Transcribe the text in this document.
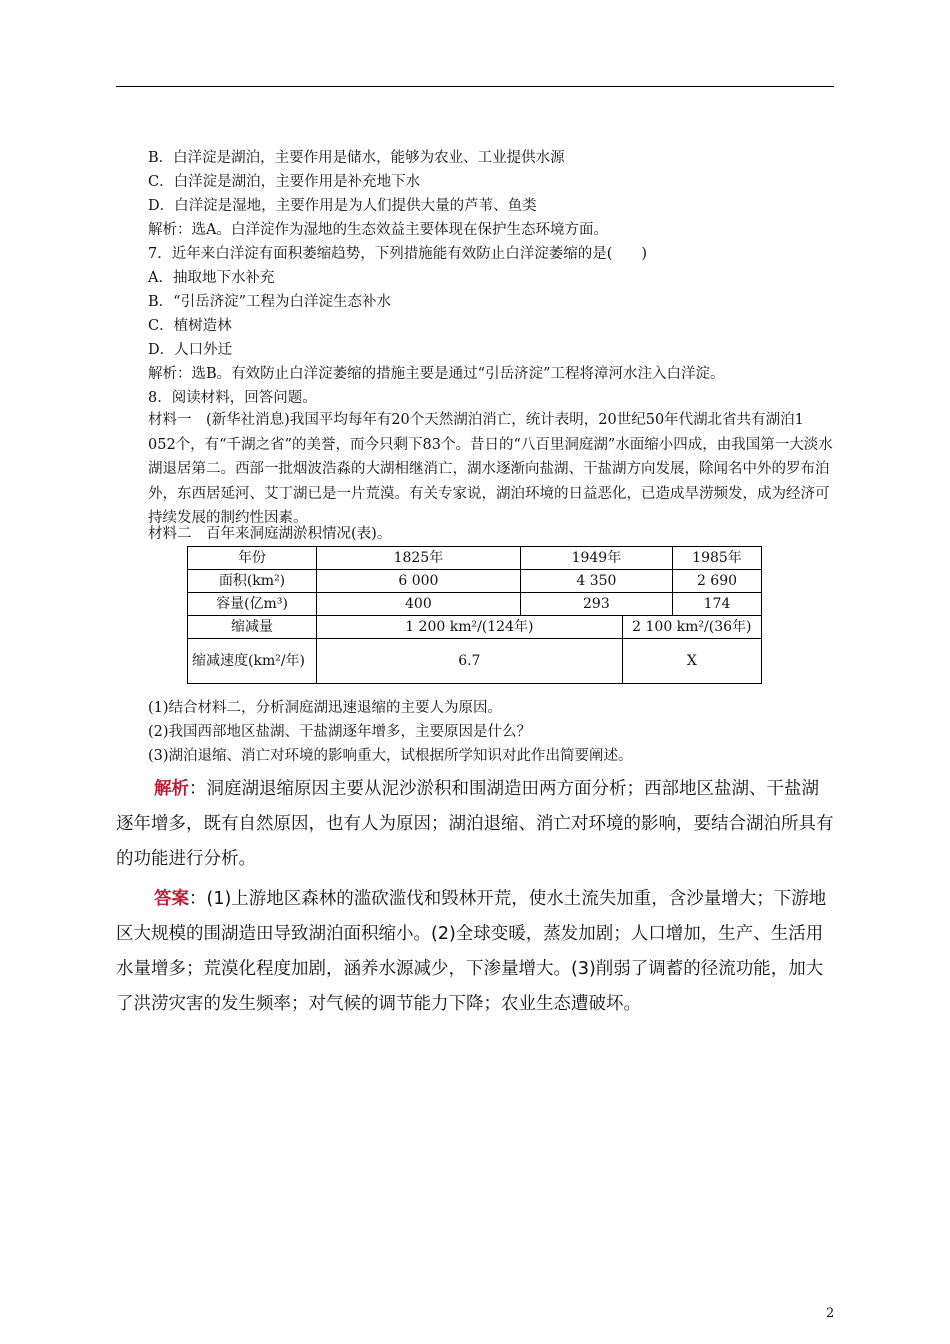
B．白洋淀是湖泊，主要作用是储水，能够为农业、工业提供水源
C．白洋淀是湖泊，主要作用是补充地下水
D．白洋淀是湿地，主要作用是为人们提供大量的芦苇、鱼类
解析：选A。白洋淀作为湿地的生态效益主要体现在保护生态环境方面。
7．近年来白洋淀有面积萎缩趋势，下列措施能有效防止白洋淀萎缩的是(　　)
A．抽取地下水补充
B．“引岳济淀”工程为白洋淀生态补水
C．植树造林
D．人口外迁
解析：选B。有效防止白洋淀萎缩的措施主要是通过“引岳济淀”工程将漳河水注入白洋淀。
8．阅读材料，回答问题。
材料一　(新华社消息)我国平均每年有20个天然湖泊消亡，统计表明，20世纪50年代湖北省共有湖泊1 052个，有“千湖之省”的美誉，而今只剩下83个。昔日的“八百里洞庭湖”水面缩小四成，由我国第一大淡水湖退居第二。西部一批烟波浩淼的大湖相继消亡，湖水逐渐向盐湖、干盐湖方向发展，除闻名中外的罗布泊外，东西居延河、艾丁湖已是一片荒漠。有关专家说，湖泊环境的日益恶化，已造成旱涝频发，成为经济可持续发展的制约性因素。
材料二　百年来洞庭湖淤积情况(表)。
年份	1825年	1949年		1985年
面积(km²)	6 000	4 350		2 690
容量(亿m³)	400	293		174
缩减量	1 200 km²/(124年)		2 100 km²/(36年)	
缩减速度(km²/年)	6.7		X	
(1)结合材料二，分析洞庭湖迅速退缩的主要人为原因。
(2)我国西部地区盐湖、干盐湖逐年增多，主要原因是什么？
(3)湖泊退缩、消亡对环境的影响重大，试根据所学知识对此作出简要阐述。
解析：洞庭湖退缩原因主要从泥沙淤积和围湖造田两方面分析；西部地区盐湖、干盐湖逐年增多，既有自然原因，也有人为原因；湖泊退缩、消亡对环境的影响，要结合湖泊所具有的功能进行分析。
答案：(1)上游地区森林的滥砍滥伐和毁林开荒，使水土流失加重，含沙量增大；下游地区大规模的围湖造田导致湖泊面积缩小。(2)全球变暖，蒸发加剧；人口增加，生产、生活用水量增多；荒漠化程度加剧，涵养水源减少，下渗量增大。(3)削弱了调蓄的径流功能，加大了洪涝灾害的发生频率；对气候的调节能力下降；农业生态遭破坏。
2
